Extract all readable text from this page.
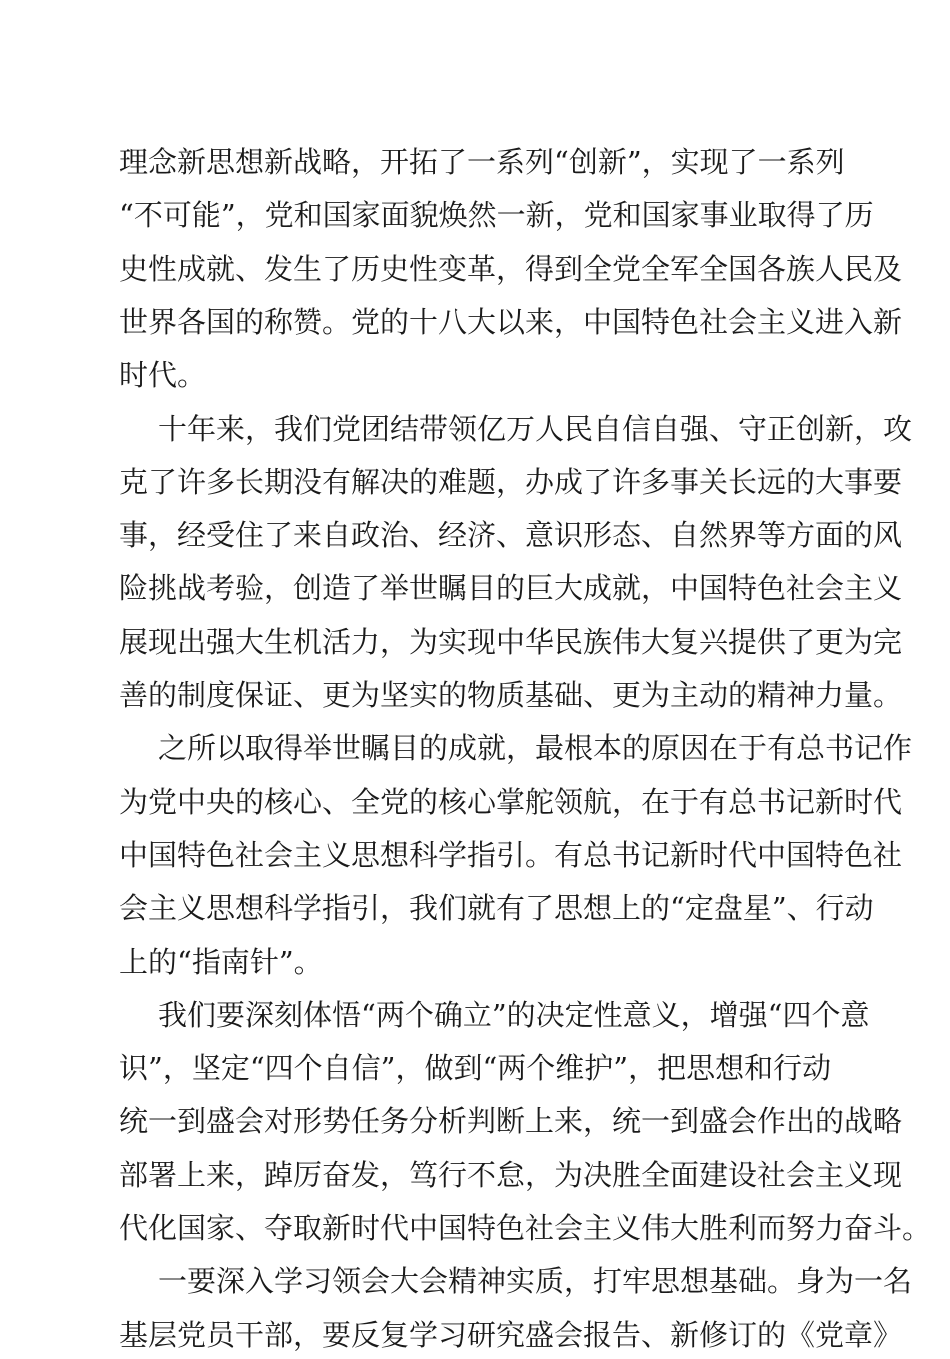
理念新思想新战略，开拓了一系列“创新”，实现了一系列
“不可能”，党和国家面貌焕然一新，党和国家事业取得了历
史性成就、发生了历史性变革，得到全党全军全国各族人民及
世界各国的称赞。党的十八大以来，中国特色社会主义进入新
时代。
十年来，我们党团结带领亿万人民自信自强、守正创新，攻
克了许多长期没有解决的难题，办成了许多事关长远的大事要
事，经受住了来自政治、经济、意识形态、自然界等方面的风
险挑战考验，创造了举世瞩目的巨大成就，中国特色社会主义
展现出强大生机活力，为实现中华民族伟大复兴提供了更为完
善的制度保证、更为坚实的物质基础、更为主动的精神力量。
之所以取得举世瞩目的成就，最根本的原因在于有总书记作
为党中央的核心、全党的核心掌舵领航，在于有总书记新时代
中国特色社会主义思想科学指引。有总书记新时代中国特色社
会主义思想科学指引，我们就有了思想上的“定盘星”、行动
上的“指南针”。
我们要深刻体悟“两个确立”的决定性意义，增强“四个意
识”，坚定“四个自信”，做到“两个维护”，把思想和行动
统一到盛会对形势任务分析判断上来，统一到盛会作出的战略
部署上来，踔厉奋发，笃行不怠，为决胜全面建设社会主义现
代化国家、夺取新时代中国特色社会主义伟大胜利而努力奋斗。
一要深入学习领会大会精神实质，打牢思想基础。身为一名
基层党员干部，要反复学习研究盛会报告、新修订的《党章》
